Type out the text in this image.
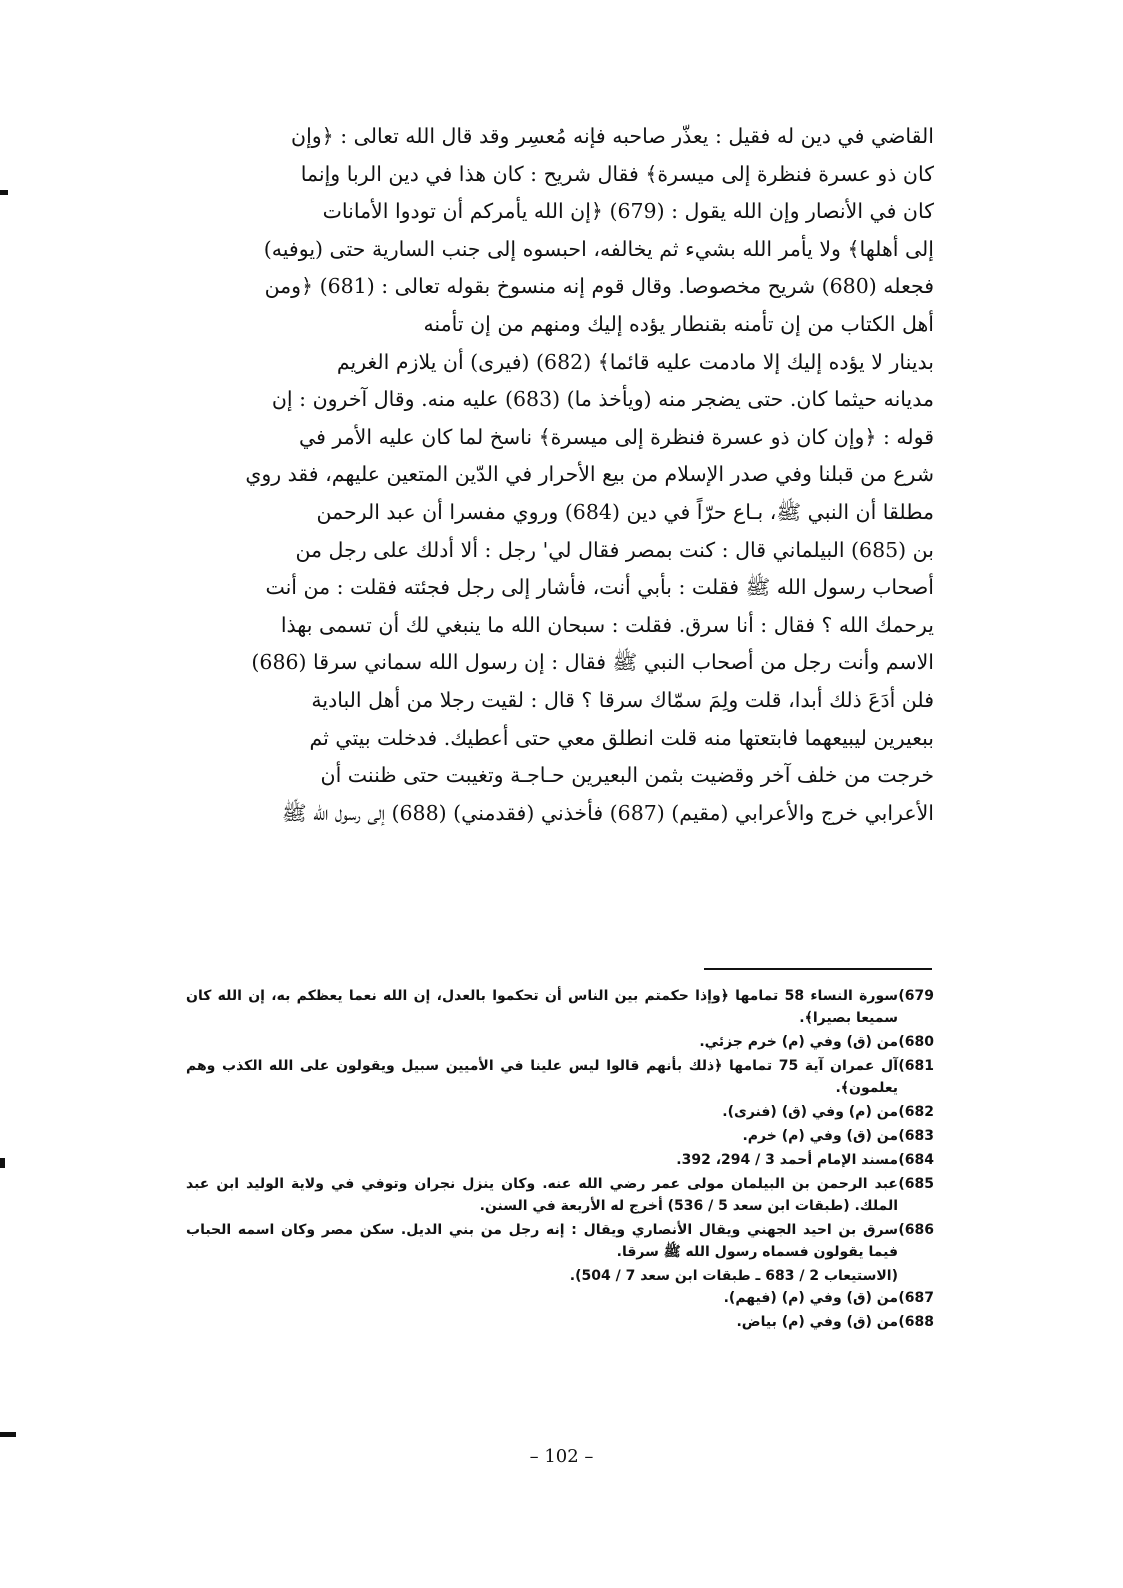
القاضي في دين له فقيل : يعذّر صاحبه فإنه مُعسِر وقد قال الله تعالى : ﴿وإن

كان ذو عسرة فنظرة إلى ميسرة﴾ فقال شريح : كان هذا في دين الربا وإنما

كان في الأنصار وإن الله يقول : (679) ﴿إن الله يأمركم أن تودوا الأمانات

إلى أهلها﴾ ولا يأمر الله بشيء ثم يخالفه، احبسوه إلى جنب السارية حتى (يوفيه)

فجعله (680) شريح مخصوصا. وقال قوم إنه منسوخ بقوله تعالى : (681) ﴿ومن

أهل الكتاب من إن تأمنه بقنطار يؤده إليك ومنهم من إن تأمنه

بدينار لا يؤده إليك إلا مادمت عليه قائما﴾ (682) (فيرى) أن يلازم الغريم

مديانه حيثما كان. حتى يضجر منه (ويأخذ ما) (683) عليه منه. وقال آخرون : إن

قوله : ﴿وإن كان ذو عسرة فنظرة إلى ميسرة﴾ ناسخ لما كان عليه الأمر في

شرع من قبلنا وفي صدر الإسلام من بيع الأحرار في الدّين المتعين عليهم، فقد روي

مطلقا أن النبي ﷺ، بـاع حرّاً في دين (684) وروي مفسرا أن عبد الرحمن

بن (685) البيلماني قال : كنت بمصر فقال لي' رجل : ألا أدلك على رجل من

أصحاب رسول الله ﷺ فقلت : بأبي أنت، فأشار إلى رجل فجئته فقلت : من أنت

يرحمك الله ؟ فقال : أنا سرق. فقلت : سبحان الله ما ينبغي لك أن تسمى بهذا

الاسم وأنت رجل من أصحاب النبي ﷺ فقال : إن رسول الله سماني سرقا (686)

فلن أدَعَ ذلك أبدا، قلت ولِمَ سمّاك سرقا ؟ قال : لقيت رجلا من أهل البادية

ببعيرين ليبيعهما فابتعتها منه قلت انطلق معي حتى أعطيك. فدخلت بيتي ثم

خرجت من خلف آخر وقضيت بثمن البعيرين حـاجـة وتغيبت حتى ظننت أن

الأعرابي خرج والأعرابي (مقيم) (687) فأخذني (فقدمني) (688) إلى رسول الله ﷺ

679)
سورة النساء 58 تمامها ﴿وإذا حكمتم بين الناس أن تحكموا بالعدل، إن الله نعما يعظكم به، إن الله كان سميعا بصيرا﴾.
680)
من (ق) وفي (م) خرم جزئي.
681)
آل عمران آية 75 تمامها ﴿ذلك بأنهم قالوا ليس علينا في الأميين سبيل ويقولون على الله الكذب وهم يعلمون﴾.
682)
من (م) وفي (ق) (فنرى).
683)
من (ق) وفي (م) خرم.
684)
مسند الإمام أحمد 3 / 294، 392.
685)
عبد الرحمن بن البيلمان مولى عمر رضي الله عنه. وكان ينزل نجران وتوفي في ولاية الوليد ابن عبد الملك. (طبقات ابن سعد 5 / 536) أخرج له الأربعة في السنن.
686)
سرق بن احيد الجهني ويقال الأنصاري ويقال : إنه رجل من بني الديل. سكن مصر وكان اسمه الحباب فيما يقولون فسماه رسول الله ﷺ سرقا.
(الاستيعاب 2 / 683 ـ طبقات ابن سعد 7 / 504).
687)
من (ق) وفي (م) (فيهم).
688)
من (ق) وفي (م) بياض.
– 102 –
